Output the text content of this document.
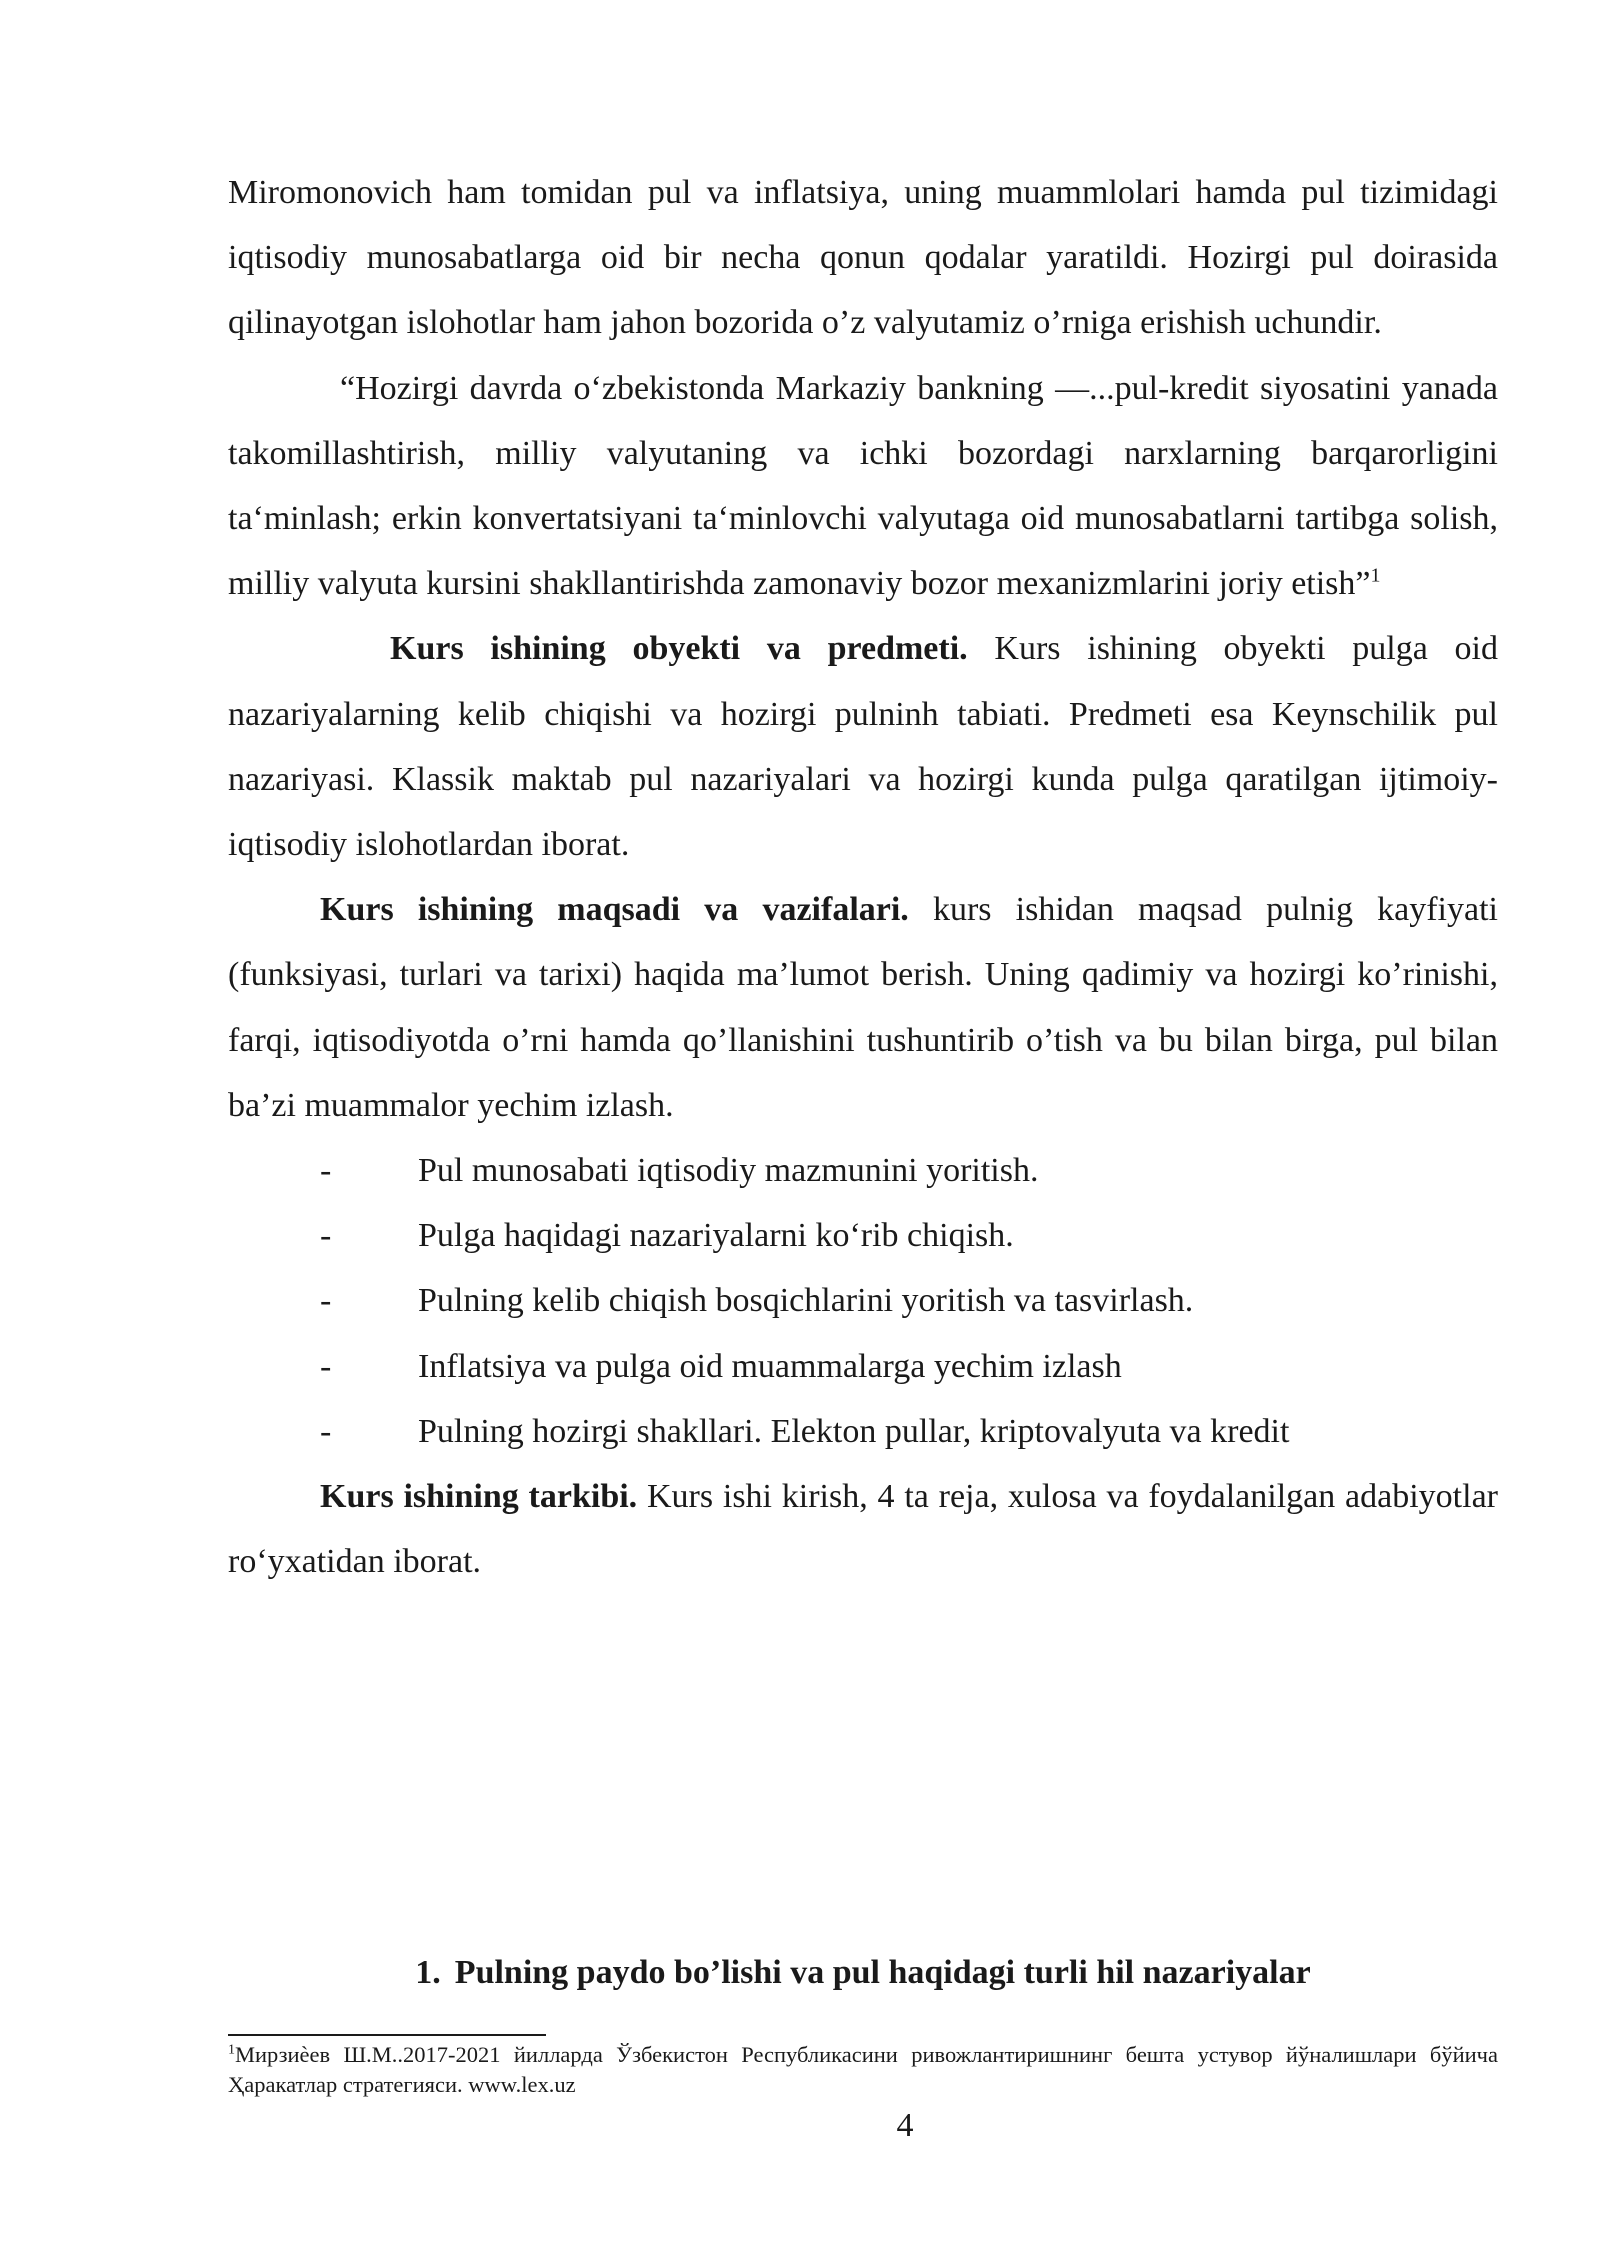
Miromonovich ham tomidan pul va inflatsiya, uning muammlolari hamda pul tizimidagi iqtisodiy munosabatlarga oid bir necha qonun qodalar yaratildi. Hozirgi pul doirasida qilinayotgan islohotlar ham jahon bozorida o’z valyutamiz o’rniga erishish uchundir.

“Hozirgi davrda o‘zbekistonda Markaziy bankning —...pul-kredit siyosatini yanada takomillashtirish, milliy valyutaning va ichki bozordagi narxlarning barqarorligini ta‘minlash; erkin konvertatsiyani ta‘minlovchi valyutaga oid munosabatlarni tartibga solish, milliy valyuta kursini shakllantirishda zamonaviy bozor mexanizmlarini joriy etish”$^1$

Kurs ishining obyekti va predmeti. Kurs ishining obyekti pulga oid nazariyalarning kelib chiqishi va hozirgi pulninh tabiati. Predmeti esa Keynschilik pul nazariyasi. Klassik maktab pul nazariyalari va hozirgi kunda pulga qaratilgan ijtimoiy-iqtisodiy islohotlardan iborat.

Kurs ishining maqsadi va vazifalari. kurs ishidan maqsad pulnig kayfiyati (funksiyasi, turlari va tarixi) haqida ma’lumot berish. Uning qadimiy va hozirgi ko’rinishi, farqi, iqtisodiyotda o’rni hamda qo’llanishini tushuntirib o’tish va bu bilan birga, pul bilan ba’zi muammalor yechim izlash.

-	Pul munosabati iqtisodiy mazmunini yoritish.
-	Pulga haqidagi nazariyalarni ko‘rib chiqish.
-	Pulning kelib chiqish bosqichlarini yoritish va tasvirlash.
-	Inflatsiya va pulga oid muammalarga yechim izlash
-	Pulning hozirgi shakllari. Elekton pullar, kriptovalyuta va kredit

Kurs ishining tarkibi. Kurs ishi kirish, 4 ta reja, xulosa va foydalanilgan adabiyotlar ro‘yxatidan iborat.

1. Pulning paydo bo’lishi va pul haqidagi turli hil nazariyalar
$^1$Мирзиѐев Ш.М..2017-2021 йилларда Ўзбекистон Республикасини ривожлантиришнинг бешта устувор йўналишлари бўйича Ҳаракатлар стратегияси. www.lex.uz
4
